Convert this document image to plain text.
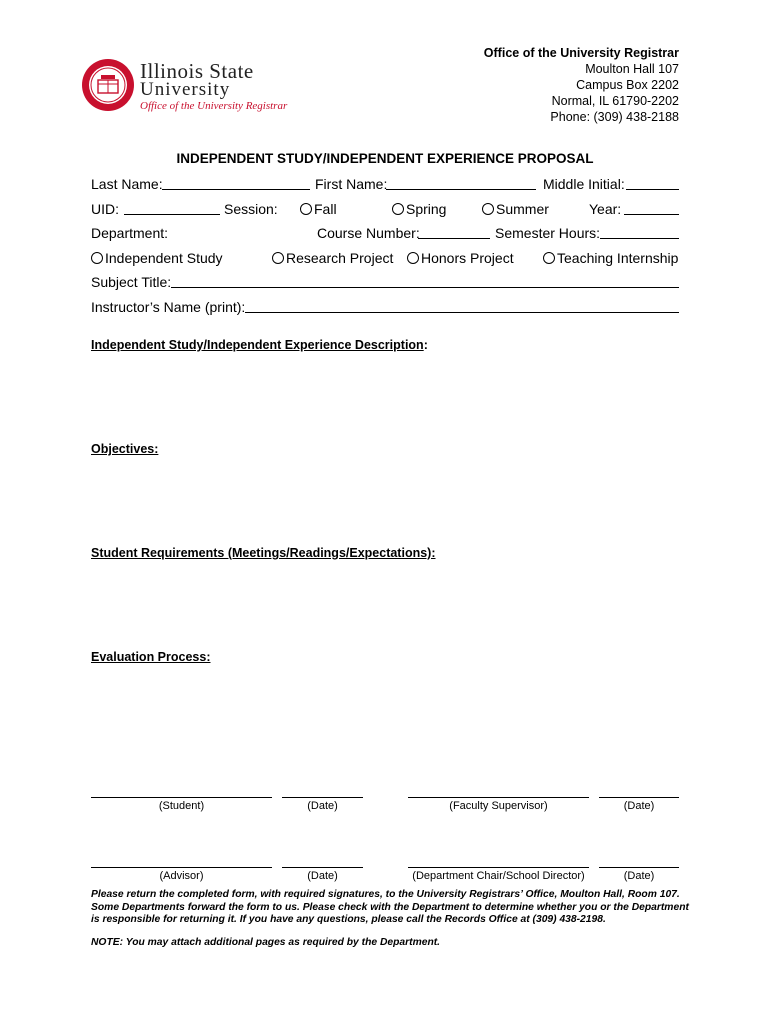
Illinois State
University
Office of the University Registrar
Office of the University Registrar
Moulton Hall 107
Campus Box 2202
Normal, IL 61790-2202
Phone: (309) 438-2188
INDEPENDENT STUDY/INDEPENDENT EXPERIENCE PROPOSAL
Last Name:	First Name:	Middle Initial:
UID:	Session:	Fall	Spring	Summer	Year:
Department:	Course Number:	Semester Hours:
Independent Study	Research Project	Honors Project	Teaching Internship
Subject Title:
Instructor’s Name (print):
Independent Study/Independent Experience Description:
Objectives:
Student Requirements (Meetings/Readings/Expectations):
Evaluation Process:
(Student)	(Date)	(Faculty Supervisor)	(Date)
(Advisor)	(Date)	(Department Chair/School Director)	(Date)
Please return the completed form, with required signatures, to the University Registrars’ Office, Moulton Hall, Room 107. Some Departments forward the form to us. Please check with the Department to determine whether you or the Department is responsible for returning it. If you have any questions, please call the Records Office at (309) 438-2198.
NOTE: You may attach additional pages as required by the Department.
